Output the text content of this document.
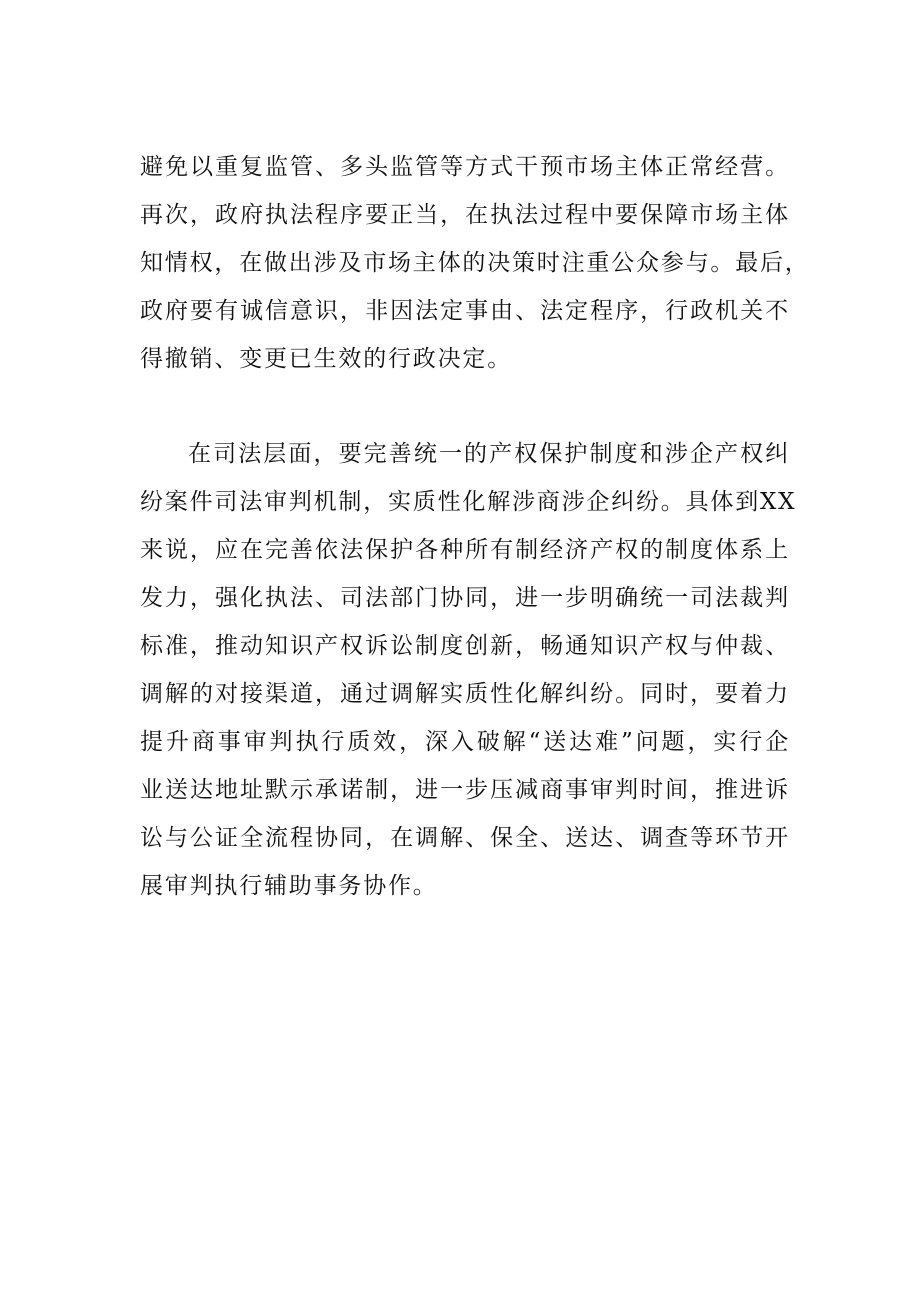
避免以重复监管、多头监管等方式干预市场主体正常经营。
再次，政府执法程序要正当，在执法过程中要保障市场主体
知情权，在做出涉及市场主体的决策时注重公众参与。最后，
政府要有诚信意识，非因法定事由、法定程序，行政机关不
得撤销、变更已生效的行政决定。
在司法层面，要完善统一的产权保护制度和涉企产权纠
纷案件司法审判机制，实质性化解涉商涉企纠纷。具体到XX
来说，应在完善依法保护各种所有制经济产权的制度体系上
发力，强化执法、司法部门协同，进一步明确统一司法裁判
标准，推动知识产权诉讼制度创新，畅通知识产权与仲裁、
调解的对接渠道，通过调解实质性化解纠纷。同时，要着力
提升商事审判执行质效，深入破解“送达难”问题，实行企
业送达地址默示承诺制，进一步压减商事审判时间，推进诉
讼与公证全流程协同，在调解、保全、送达、调查等环节开
展审判执行辅助事务协作。
